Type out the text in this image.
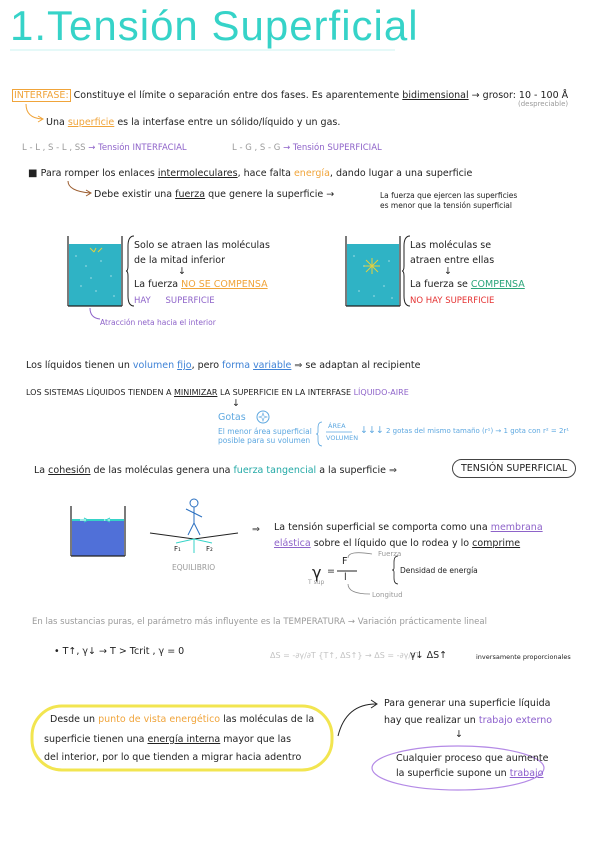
1.Tensión Superficial
INTERFASE: Constituye el límite o separación entre dos fases. Es aparentemente bidimensional → grosor: 10 - 100 Å
(despreciable)
Una superficie es la interfase entre un sólido/líquido y un gas.
L - L , S - L , SS → Tensión INTERFACIAL	L - G , S - G → Tensión SUPERFICIAL
■ Para romper los enlaces intermoleculares, hace falta energía, dando lugar a una superficie
Debe existir una fuerza que genere la superficie →	La fuerza que ejercen las superficies
es menor que la tensión superficial
Solo se atraen las moléculas
de la mitad inferior
↓
La fuerza NO SE COMPENSA
HAY SUPERFICIE
Atracción neta hacia el interior
Las moléculas se
atraen entre ellas
↓
La fuerza se COMPENSA
NO HAY SUPERFICIE
Los líquidos tienen un volumen fijo, pero forma variable ⇒ se adaptan al recipiente
LOS SISTEMAS LÍQUIDOS TIENDEN A MINIMIZAR LA SUPERFICIE EN LA INTERFASE LÍQUIDO-AIRE
↓
Gotas
El menor área superficial
posible para su volumen
ÁREA
VOLUMEN
↓↓↓ 2 gotas del mismo tamaño (r¹) → 1 gota con r² = 2r¹
La cohesión de las moléculas genera una fuerza tangencial a la superficie ⇒	TENSIÓN SUPERFICIAL
F₁	F₂
EQUILIBRIO
⇒ La tensión superficial se comporta como una membrana
elástica sobre el líquido que lo rodea y lo comprime
Fuerza
γ =
F
l
T sup
Densidad de energía
Longitud
En las sustancias puras, el parámetro más influyente es la TEMPERATURA → Variación prácticamente lineal
• T↑, γ↓ → T > Tcrit , γ = 0	ΔS = -∂γ/∂T {T↑, ΔS↑} → ΔS = -∂γ/∂T
γ↓ ΔS↑	inversamente proporcionales
Desde un punto de vista energético las moléculas de la
superficie tienen una energía interna mayor que las
del interior, por lo que tienden a migrar hacia adentro
Para generar una superficie líquida
hay que realizar un trabajo externo
↓
Cualquier proceso que aumente
la superficie supone un trabajo
